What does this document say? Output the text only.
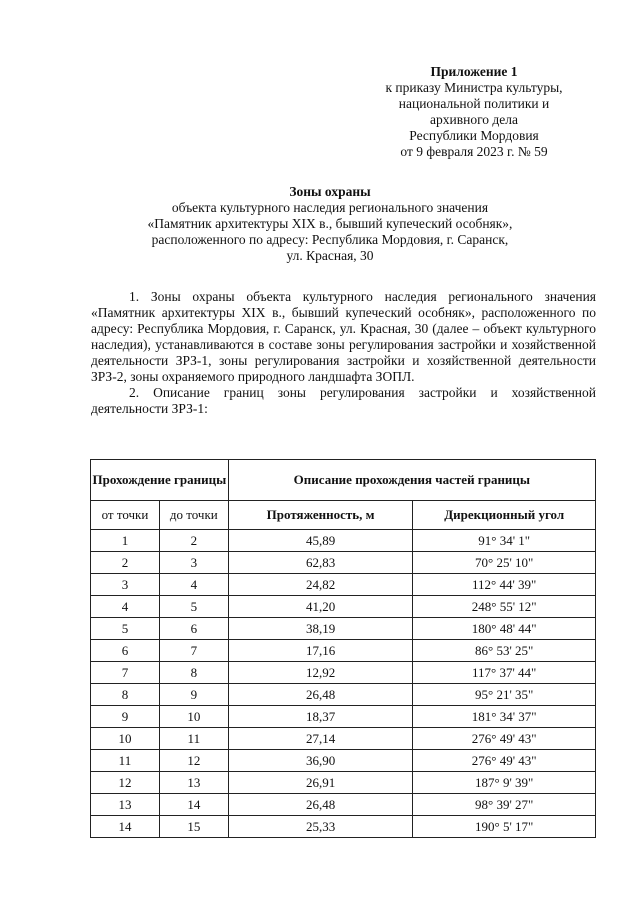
Приложение 1
к приказу Министра культуры,
национальной политики и
архивного дела
Республики Мордовия
от 9 февраля 2023 г. № 59
Зоны охраны
объекта культурного наследия регионального значения
«Памятник архитектуры XIX в., бывший купеческий особняк»,
расположенного по адресу: Республика Мордовия, г. Саранск,
ул. Красная, 30

1. Зоны охраны объекта культурного наследия регионального значения «Памятник архитектуры XIX в., бывший купеческий особняк», расположенного по адресу: Республика Мордовия, г. Саранск, ул. Красная, 30 (далее – объект культурного наследия), устанавливаются в составе зоны регулирования застройки и хозяйственной деятельности ЗРЗ-1, зоны регулирования застройки и хозяйственной деятельности ЗРЗ-2, зоны охраняемого природного ландшафта ЗОПЛ.

2. Описание границ зоны регулирования застройки и хозяйственной деятельности ЗРЗ-1:

Прохождение границы		Описание прохождения частей границы	
от точки	до точки	Протяженность, м	Дирекционный угол
1	2	45,89	91° 34' 1"
2	3	62,83	70° 25' 10"
3	4	24,82	112° 44' 39"
4	5	41,20	248° 55' 12"
5	6	38,19	180° 48' 44"
6	7	17,16	86° 53' 25"
7	8	12,92	117° 37' 44"
8	9	26,48	95° 21' 35"
9	10	18,37	181° 34' 37"
10	11	27,14	276° 49' 43"
11	12	36,90	276° 49' 43"
12	13	26,91	187° 9' 39"
13	14	26,48	98° 39' 27"
14	15	25,33	190° 5' 17"
